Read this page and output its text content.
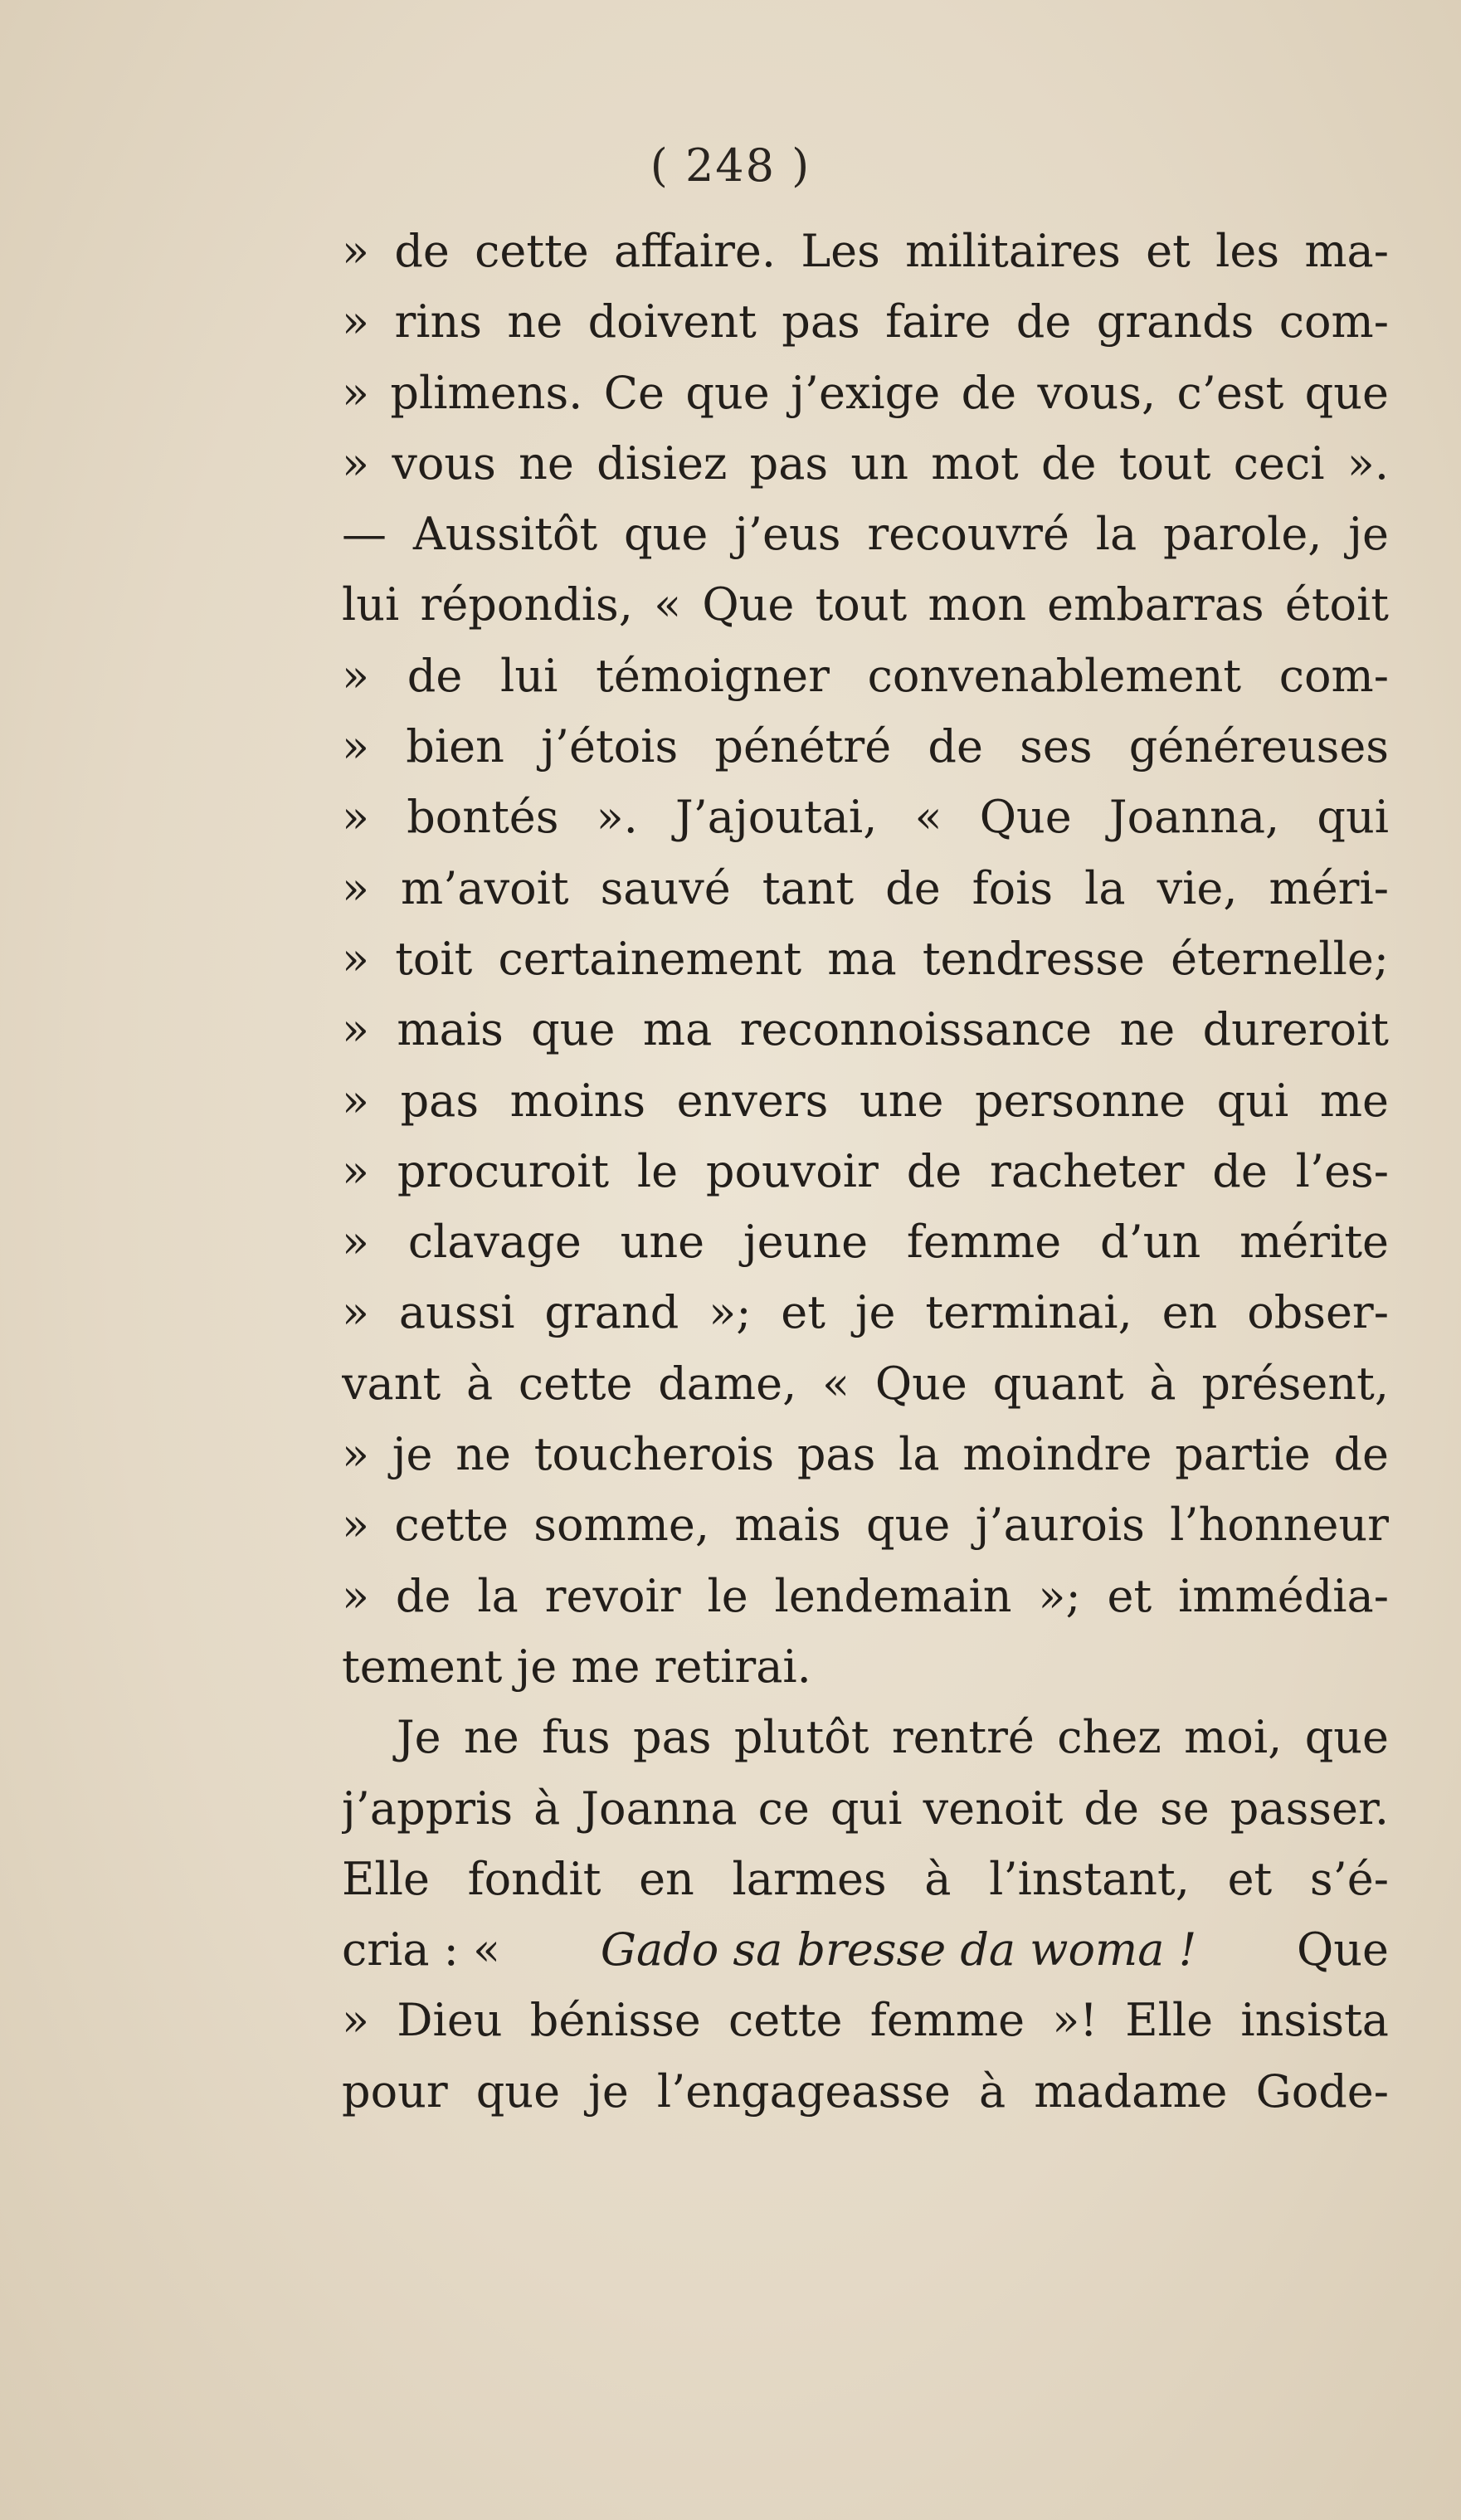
( 248 )
» de cette affaire. Les militaires et les ma-
» rins ne doivent pas faire de grands com-
» plimens. Ce que j’exige de vous, c’est que
» vous ne disiez pas un mot de tout ceci ».
— Aussitôt que j’eus recouvré la parole, je
lui répondis, « Que tout mon embarras étoit
» de lui témoigner convenablement com-
» bien j’étois pénétré de ses généreuses
» bontés ». J’ajoutai, « Que Joanna, qui
» m’avoit sauvé tant de fois la vie, méri-
» toit certainement ma tendresse éternelle;
» mais que ma reconnoissance ne dureroit
» pas moins envers une personne qui me
» procuroit le pouvoir de racheter de l’es-
» clavage une jeune femme d’un mérite
» aussi grand »; et je terminai, en obser-
vant à cette dame, « Que quant à présent,
» je ne toucherois pas la moindre partie de
» cette somme, mais que j’aurois l’honneur
» de la revoir le lendemain »; et immédia-
tement je me retirai.
Je ne fus pas plutôt rentré chez moi, que
j’appris à Joanna ce qui venoit de se passer.
Elle fondit en larmes à l’instant, et s’é-
cria : « Gado sa bresse da woma ! Que
» Dieu bénisse cette femme »! Elle insista
pour que je l’engageasse à madame Gode-
